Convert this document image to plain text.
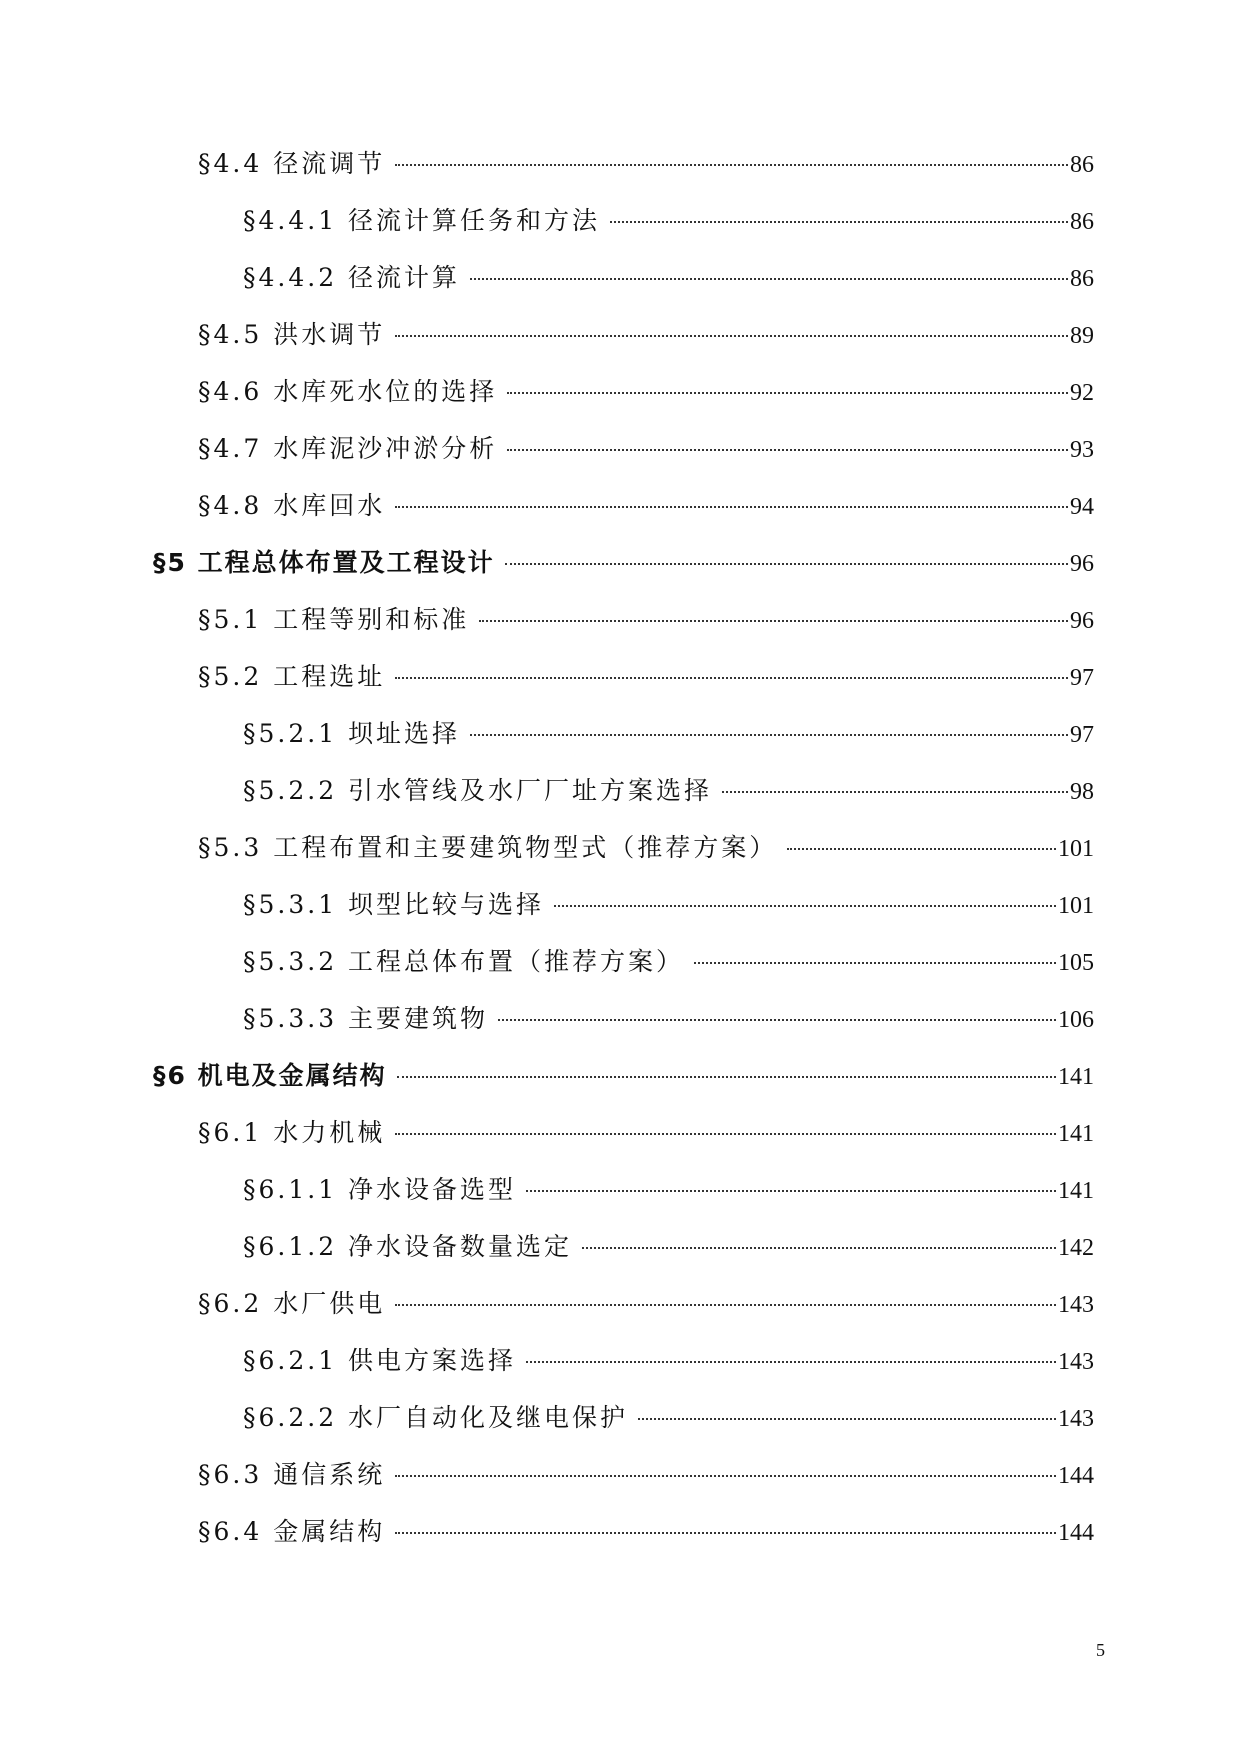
§4.4 径流调节	86
§4.4.1 径流计算任务和方法	86
§4.4.2 径流计算	86
§4.5 洪水调节	89
§4.6 水库死水位的选择	92
§4.7 水库泥沙冲淤分析	93
§4.8 水库回水	94
§5 工程总体布置及工程设计	96
§5.1 工程等别和标准	96
§5.2 工程选址	97
§5.2.1 坝址选择	97
§5.2.2 引水管线及水厂厂址方案选择	98
§5.3 工程布置和主要建筑物型式（推荐方案）	101
§5.3.1 坝型比较与选择	101
§5.3.2 工程总体布置（推荐方案）	105
§5.3.3 主要建筑物	106
§6 机电及金属结构	141
§6.1 水力机械	141
§6.1.1 净水设备选型	141
§6.1.2 净水设备数量选定	142
§6.2 水厂供电	143
§6.2.1 供电方案选择	143
§6.2.2 水厂自动化及继电保护	143
§6.3 通信系统	144
§6.4 金属结构	144
5
